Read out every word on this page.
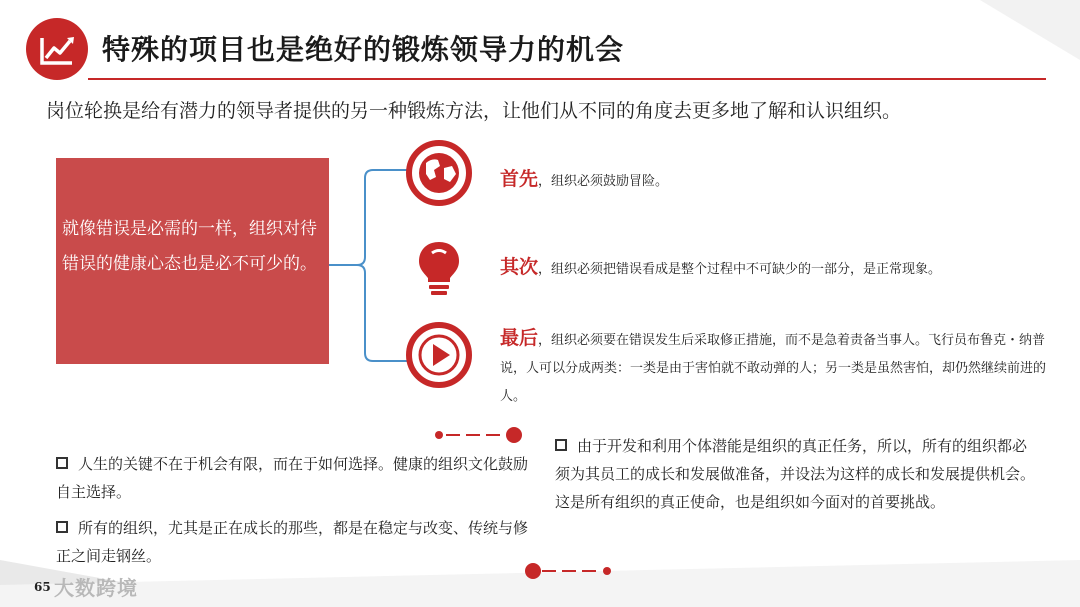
特殊的项目也是绝好的锻炼领导力的机会
岗位轮换是给有潜力的领导者提供的另一种锻炼方法，让他们从不同的角度去更多地了解和认识组织。
就像错误是必需的一样，组织对待错误的健康心态也是必不可少的。
首先，组织必须鼓励冒险。
其次，组织必须把错误看成是整个过程中不可缺少的一部分，是正常现象。
最后，组织必须要在错误发生后采取修正措施，而不是急着责备当事人。飞行员布鲁克・纳普说，人可以分成两类：一类是由于害怕就不敢动弹的人；另一类是虽然害怕，却仍然继续前进的人。
人生的关键不在于机会有限，而在于如何选择。健康的组织文化鼓励自主选择。
所有的组织，尤其是正在成长的那些，都是在稳定与改变、传统与修正之间走钢丝。
由于开发和利用个体潜能是组织的真正任务，所以，所有的组织都必须为其员工的成长和发展做准备，并设法为这样的成长和发展提供机会。这是所有组织的真正使命，也是组织如今面对的首要挑战。
65 大数跨境
